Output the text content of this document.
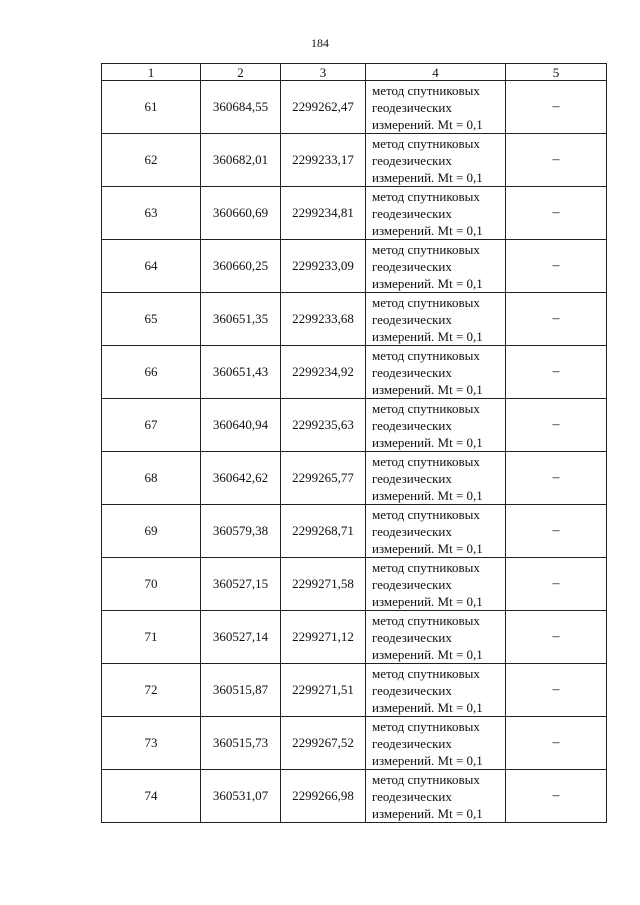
184
1	2	3	4	5
61	360684,55	2299262,47	метод спутниковых
геодезических
измерений. Mt = 0,1	–
62	360682,01	2299233,17	метод спутниковых
геодезических
измерений. Mt = 0,1	–
63	360660,69	2299234,81	метод спутниковых
геодезических
измерений. Mt = 0,1	–
64	360660,25	2299233,09	метод спутниковых
геодезических
измерений. Mt = 0,1	–
65	360651,35	2299233,68	метод спутниковых
геодезических
измерений. Mt = 0,1	–
66	360651,43	2299234,92	метод спутниковых
геодезических
измерений. Mt = 0,1	–
67	360640,94	2299235,63	метод спутниковых
геодезических
измерений. Mt = 0,1	–
68	360642,62	2299265,77	метод спутниковых
геодезических
измерений. Mt = 0,1	–
69	360579,38	2299268,71	метод спутниковых
геодезических
измерений. Mt = 0,1	–
70	360527,15	2299271,58	метод спутниковых
геодезических
измерений. Mt = 0,1	–
71	360527,14	2299271,12	метод спутниковых
геодезических
измерений. Mt = 0,1	–
72	360515,87	2299271,51	метод спутниковых
геодезических
измерений. Mt = 0,1	–
73	360515,73	2299267,52	метод спутниковых
геодезических
измерений. Mt = 0,1	–
74	360531,07	2299266,98	метод спутниковых
геодезических
измерений. Mt = 0,1	–
